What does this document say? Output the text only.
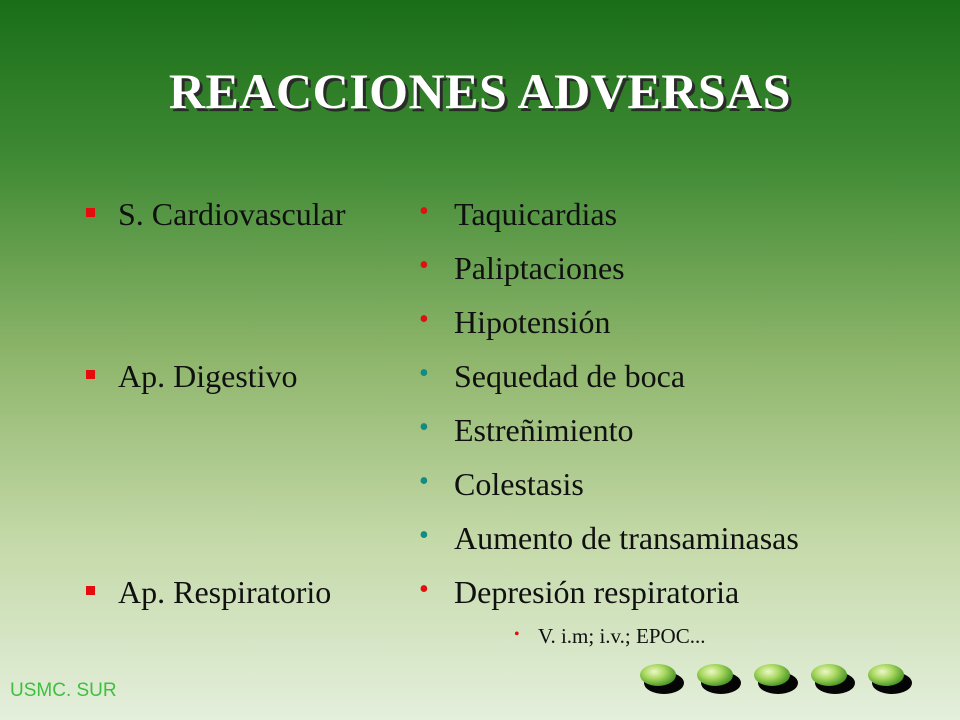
REACCIONES ADVERSAS
S. Cardiovascular
Ap. Digestivo
Ap. Respiratorio
• Taquicardias
• Paliptaciones
• Hipotensión
• Sequedad de boca
• Estreñimiento
• Colestasis
• Aumento de transaminasas
• Depresión respiratoria
• V. i.m; i.v.; EPOC...
USMC. SUR
